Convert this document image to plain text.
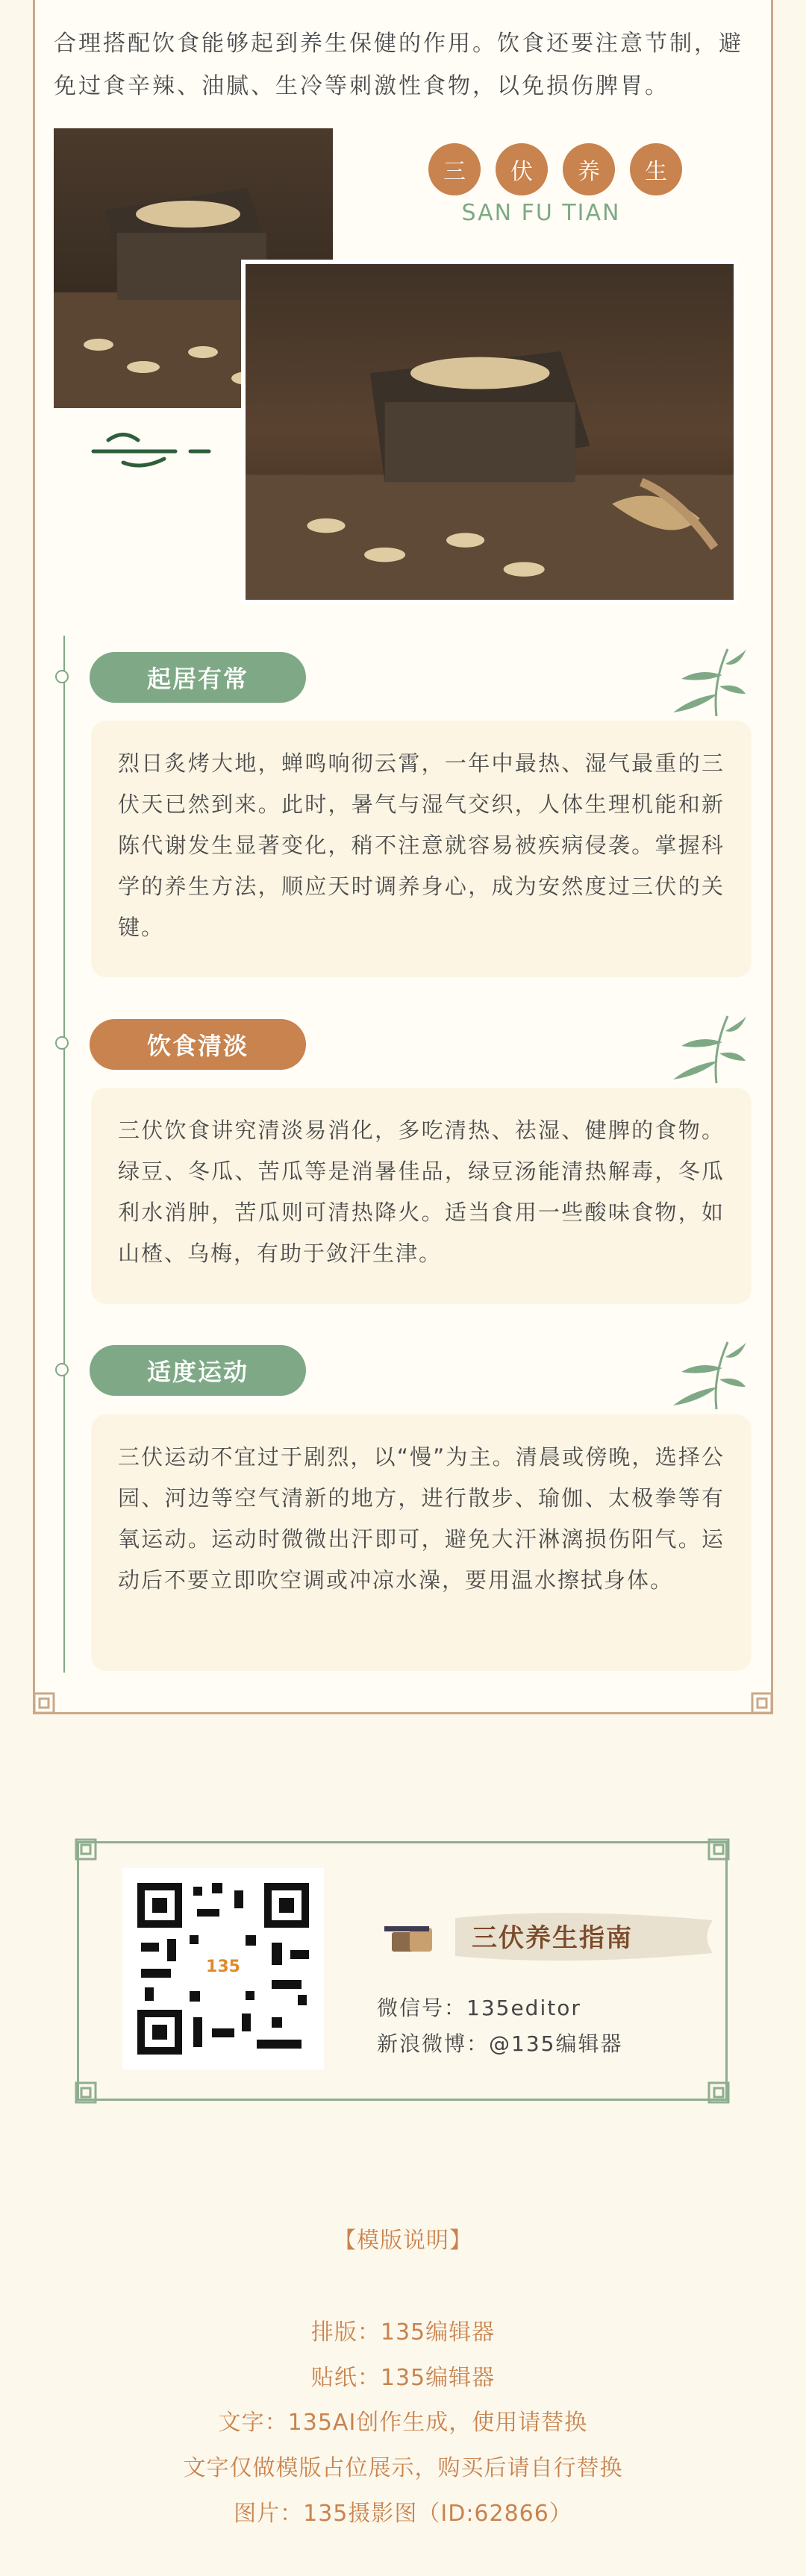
合理搭配饮食能够起到养生保健的作用。饮食还要注意节制，避免过食辛辣、油腻、生冷等刺激性食物，以免损伤脾胃。

三	伏	养	生
SAN FU TIAN
起居有常

烈日炙烤大地，蝉鸣响彻云霄，一年中最热、湿气最重的三伏天已然到来。此时，暑气与湿气交织，人体生理机能和新陈代谢发生显著变化，稍不注意就容易被疾病侵袭。掌握科学的养生方法，顺应天时调养身心，成为安然度过三伏的关键。

饮食清淡

三伏饮食讲究清淡易消化，多吃清热、祛湿、健脾的食物。绿豆、冬瓜、苦瓜等是消暑佳品，绿豆汤能清热解毒，冬瓜利水消肿，苦瓜则可清热降火。适当食用一些酸味食物，如山楂、乌梅，有助于敛汗生津。

适度运动

三伏运动不宜过于剧烈，以“慢”为主。清晨或傍晚，选择公园、河边等空气清新的地方，进行散步、瑜伽、太极拳等有氧运动。运动时微微出汗即可，避免大汗淋漓损伤阳气。运动后不要立即吹空调或冲凉水澡，要用温水擦拭身体。

135
三伏养生指南
微信号：135editor
新浪微博：@135编辑器
【模版说明】
排版：135编辑器
贴纸：135编辑器
文字：135AI创作生成，使用请替换
文字仅做模版占位展示，购买后请自行替换
图片：135摄影图（ID:62866）
